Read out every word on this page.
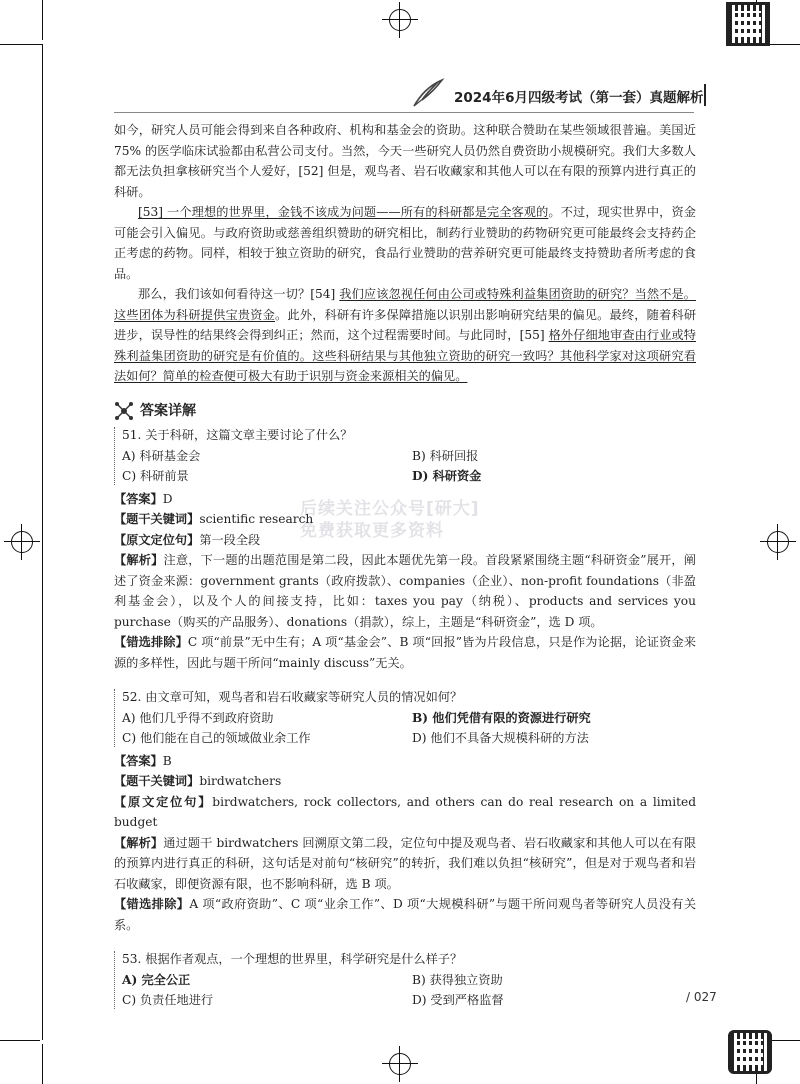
2024年6月四级考试（第一套）真题解析
后续关注公众号[研大]
免费获取更多资料

如今，研究人员可能会得到来自各种政府、机构和基金会的资助。这种联合赞助在某些领域很普遍。美国近75% 的医学临床试验都由私营公司支付。当然，今天一些研究人员仍然自费资助小规模研究。我们大多数人都无法负担拿核研究当个人爱好，[52] 但是，观鸟者、岩石收藏家和其他人可以在有限的预算内进行真正的科研。

[53] 一个理想的世界里，金钱不该成为问题——所有的科研都是完全客观的。不过，现实世界中，资金可能会引入偏见。与政府资助或慈善组织赞助的研究相比，制药行业赞助的药物研究更可能最终会支持药企正考虑的药物。同样，相较于独立资助的研究，食品行业赞助的营养研究更可能最终支持赞助者所考虑的食品。

那么，我们该如何看待这一切？[54] 我们应该忽视任何由公司或特殊利益集团资助的研究？当然不是。这些团体为科研提供宝贵资金。此外，科研有许多保障措施以识别出影响研究结果的偏见。最终，随着科研进步，误导性的结果终会得到纠正；然而，这个过程需要时间。与此同时，[55] 格外仔细地审查由行业或特殊利益集团资助的研究是有价值的。这些科研结果与其他独立资助的研究一致吗？其他科学家对这项研究看法如何？简单的检查便可极大有助于识别与资金来源相关的偏见。

答案详解
51. 关于科研，这篇文章主要讨论了什么？
A) 科研基金会	B) 科研回报
C) 科研前景	D) 科研资金
【答案】D
【题干关键词】scientific research
【原文定位句】第一段全段
【解析】注意，下一题的出题范围是第二段，因此本题优先第一段。首段紧紧围绕主题“科研资金”展开，阐述了资金来源：government grants（政府拨款）、companies（企业）、non-profit foundations（非盈利基金会），以及个人的间接支持，比如：taxes you pay（纳税）、products and services you purchase（购买的产品服务）、donations（捐款），综上，主题是“科研资金”，选 D 项。
【错选排除】C 项“前景”无中生有；A 项“基金会”、B 项“回报”皆为片段信息，只是作为论据，论证资金来源的多样性，因此与题干所问“mainly discuss”无关。
52. 由文章可知，观鸟者和岩石收藏家等研究人员的情况如何？
A) 他们几乎得不到政府资助	B) 他们凭借有限的资源进行研究
C) 他们能在自己的领域做业余工作	D) 他们不具备大规模科研的方法
【答案】B
【题干关键词】birdwatchers
【原文定位句】birdwatchers, rock collectors, and others can do real research on a limited budget
【解析】通过题干 birdwatchers 回溯原文第二段，定位句中提及观鸟者、岩石收藏家和其他人可以在有限的预算内进行真正的科研，这句话是对前句“核研究”的转折，我们难以负担“核研究”，但是对于观鸟者和岩石收藏家，即便资源有限，也不影响科研，选 B 项。
【错选排除】A 项“政府资助”、C 项“业余工作”、D 项“大规模科研”与题干所问观鸟者等研究人员没有关系。
53. 根据作者观点，一个理想的世界里，科学研究是什么样子？
A) 完全公正	B) 获得独立资助
C) 负责任地进行	D) 受到严格监督	/ 027
